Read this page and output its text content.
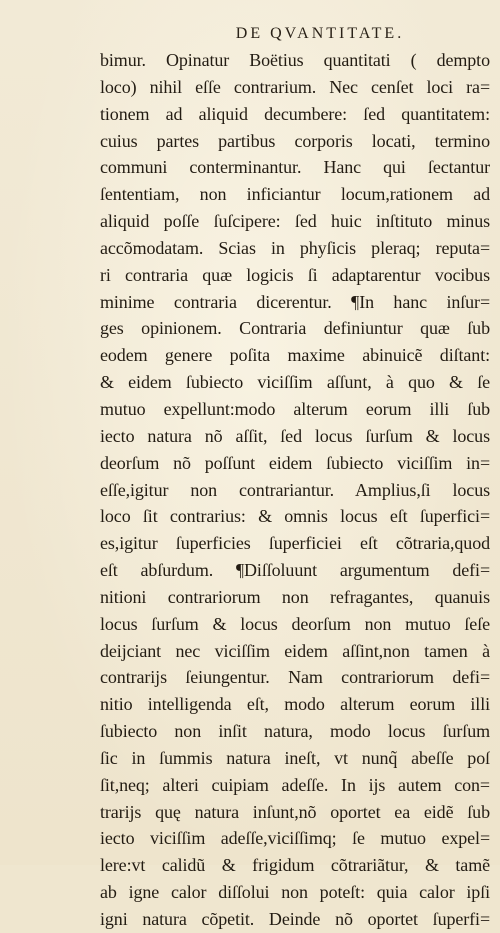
DE QVANTITATE.
bimur. Opinatur Boëtius quantitati ( dempto
loco) nihil eſſe contrarium. Nec cenſet loci ra=
tionem ad aliquid decumbere: ſed quantitatem:
cuius partes partibus corporis locati, termino
communi conterminantur. Hanc qui ſectantur
ſententiam, non inficiantur locum,rationem ad
aliquid poſſe ſuſcipere: ſed huic inſtituto minus
accõmodatam. Scias in phyſicis pleraq; reputa=
ri contraria quæ logicis ſi adaptarentur vocibus
minime contraria dicerentur. ¶In hanc inſur=
ges opinionem. Contraria definiuntur quæ ſub
eodem genere poſita maxime abinuicẽ diſtant:
& eidem ſubiecto viciſſim aſſunt, à quo & ſe
mutuo expellunt:modo alterum eorum illi ſub
iecto natura nõ aſſit, ſed locus ſurſum & locus
deorſum nõ poſſunt eidem ſubiecto viciſſim in=
eſſe,igitur non contrariantur. Amplius,ſi locus
loco ſit contrarius: & omnis locus eſt ſuperfici=
es,igitur ſuperficies ſuperficiei eſt cõtraria,quod
eſt abſurdum. ¶Diſſoluunt argumentum defi=
nitioni contrariorum non refragantes, quanuis
locus ſurſum & locus deorſum non mutuo ſeſe
deijciant nec viciſſim eidem aſſint,non tamen à
contrarijs ſeiungentur. Nam contrariorum defi=
nitio intelligenda eſt, modo alterum eorum illi
ſubiecto non inſit natura, modo locus ſurſum
ſic in ſummis natura ineſt, vt nunq̃ abeſſe poſ
ſit,neq; alteri cuipiam adeſſe. In ijs autem con=
trarijs quę natura inſunt,nõ oportet ea eidẽ ſub
iecto viciſſim adeſſe,viciſſimq; ſe mutuo expel=
lere:vt calidũ & frigidum cõtrariãtur, & tamẽ
ab igne calor diſſolui non poteſt: quia calor ipſi
igni natura cõpetit. Deinde nõ oportet ſuperfi=
